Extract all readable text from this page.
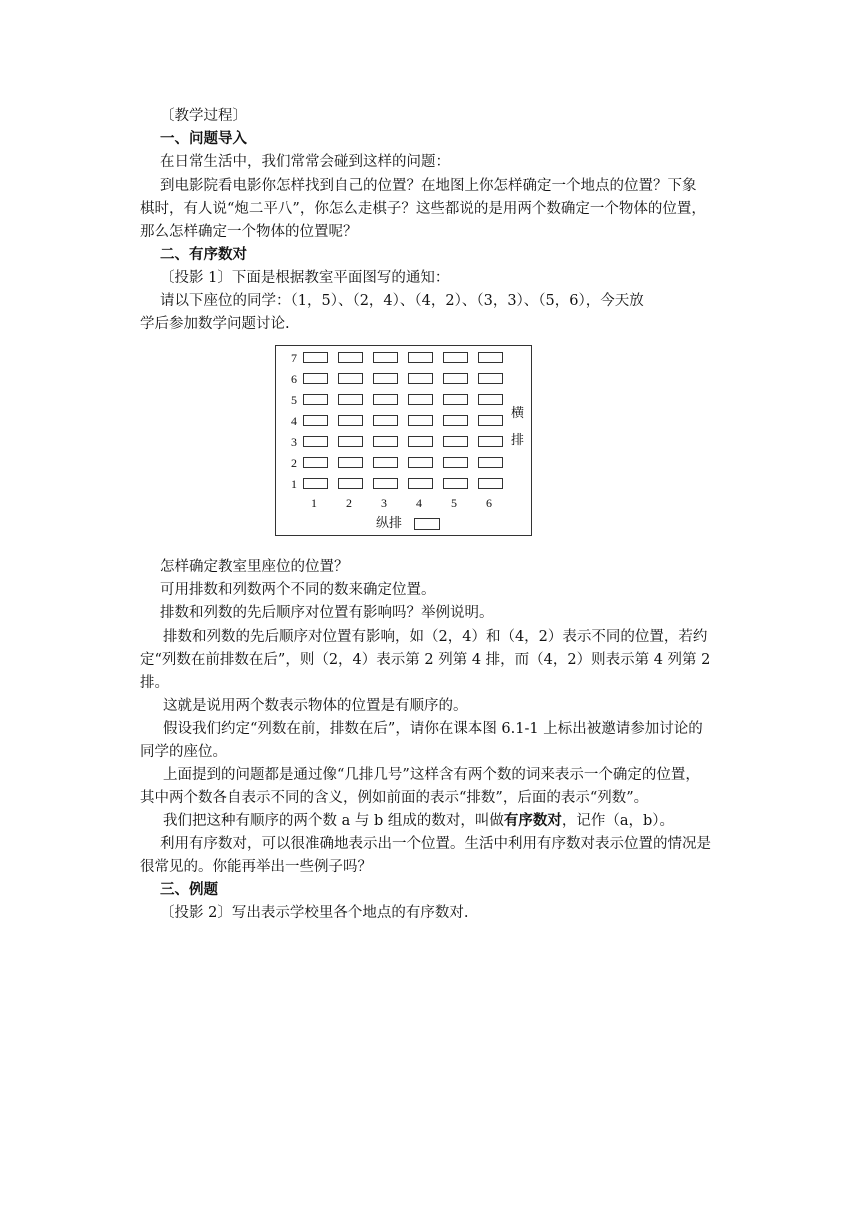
〔教学过程〕
一、问题导入
在日常生活中，我们常常会碰到这样的问题：
到电影院看电影你怎样找到自己的位置？在地图上你怎样确定一个地点的位置？下象
棋时，有人说“炮二平八”，你怎么走棋子？这些都说的是用两个数确定一个物体的位置，
那么怎样确定一个物体的位置呢？
二、有序数对
〔投影 1〕下面是根据教室平面图写的通知：
请以下座位的同学：（1，5）、（2，4）、（4，2）、（3，3）、（5，6），今天放
学后参加数学问题讨论.
横
排
纵排
7
6
5
4
3
2
1
1 2 3 4 5 6
怎样确定教室里座位的位置？
可用排数和列数两个不同的数来确定位置。
排数和列数的先后顺序对位置有影响吗？举例说明。
排数和列数的先后顺序对位置有影响，如（2，4）和（4，2）表示不同的位置，若约
定“列数在前排数在后”，则（2，4）表示第 2 列第 4 排，而（4，2）则表示第 4 列第 2
排。
这就是说用两个数表示物体的位置是有顺序的。
假设我们约定“列数在前，排数在后”，请你在课本图 6.1-1 上标出被邀请参加讨论的
同学的座位。
上面提到的问题都是通过像“几排几号”这样含有两个数的词来表示一个确定的位置，
其中两个数各自表示不同的含义，例如前面的表示“排数”，后面的表示“列数”。
我们把这种有顺序的两个数 a 与 b 组成的数对，叫做有序数对，记作（a，b）。
利用有序数对，可以很准确地表示出一个位置。生活中利用有序数对表示位置的情况是
很常见的。你能再举出一些例子吗？
三、例题
〔投影 2〕写出表示学校里各个地点的有序数对.
